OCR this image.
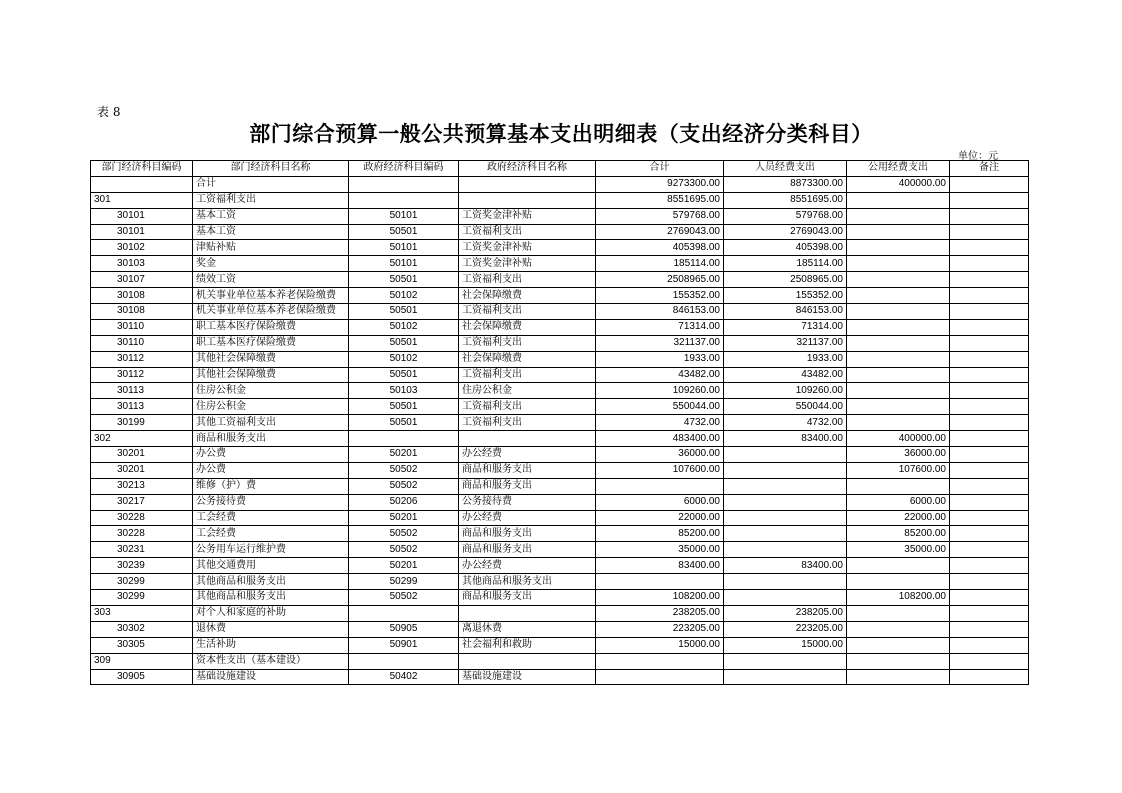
表 8
部门综合预算一般公共预算基本支出明细表（支出经济分类科目）
单位：元
部门经济科目编码	部门经济科目名称	政府经济科目编码	政府经济科目名称	合计	人员经费支出	公用经费支出	备注
	合计			9273300.00	8873300.00	400000.00	
301	工资福利支出			8551695.00	8551695.00		
30101	基本工资	50101	工资奖金津补贴	579768.00	579768.00		
30101	基本工资	50501	工资福利支出	2769043.00	2769043.00		
30102	津贴补贴	50101	工资奖金津补贴	405398.00	405398.00		
30103	奖金	50101	工资奖金津补贴	185114.00	185114.00		
30107	绩效工资	50501	工资福利支出	2508965.00	2508965.00		
30108	机关事业单位基本养老保险缴费	50102	社会保障缴费	155352.00	155352.00		
30108	机关事业单位基本养老保险缴费	50501	工资福利支出	846153.00	846153.00		
30110	职工基本医疗保险缴费	50102	社会保障缴费	71314.00	71314.00		
30110	职工基本医疗保险缴费	50501	工资福利支出	321137.00	321137.00		
30112	其他社会保障缴费	50102	社会保障缴费	1933.00	1933.00		
30112	其他社会保障缴费	50501	工资福利支出	43482.00	43482.00		
30113	住房公积金	50103	住房公积金	109260.00	109260.00		
30113	住房公积金	50501	工资福利支出	550044.00	550044.00		
30199	其他工资福利支出	50501	工资福利支出	4732.00	4732.00		
302	商品和服务支出			483400.00	83400.00	400000.00	
30201	办公费	50201	办公经费	36000.00		36000.00	
30201	办公费	50502	商品和服务支出	107600.00		107600.00	
30213	维修（护）费	50502	商品和服务支出				
30217	公务接待费	50206	公务接待费	6000.00		6000.00	
30228	工会经费	50201	办公经费	22000.00		22000.00	
30228	工会经费	50502	商品和服务支出	85200.00		85200.00	
30231	公务用车运行维护费	50502	商品和服务支出	35000.00		35000.00	
30239	其他交通费用	50201	办公经费	83400.00	83400.00		
30299	其他商品和服务支出	50299	其他商品和服务支出				
30299	其他商品和服务支出	50502	商品和服务支出	108200.00		108200.00	
303	对个人和家庭的补助			238205.00	238205.00		
30302	退休费	50905	离退休费	223205.00	223205.00		
30305	生活补助	50901	社会福利和救助	15000.00	15000.00		
309	资本性支出（基本建设）						
30905	基础设施建设	50402	基础设施建设				
